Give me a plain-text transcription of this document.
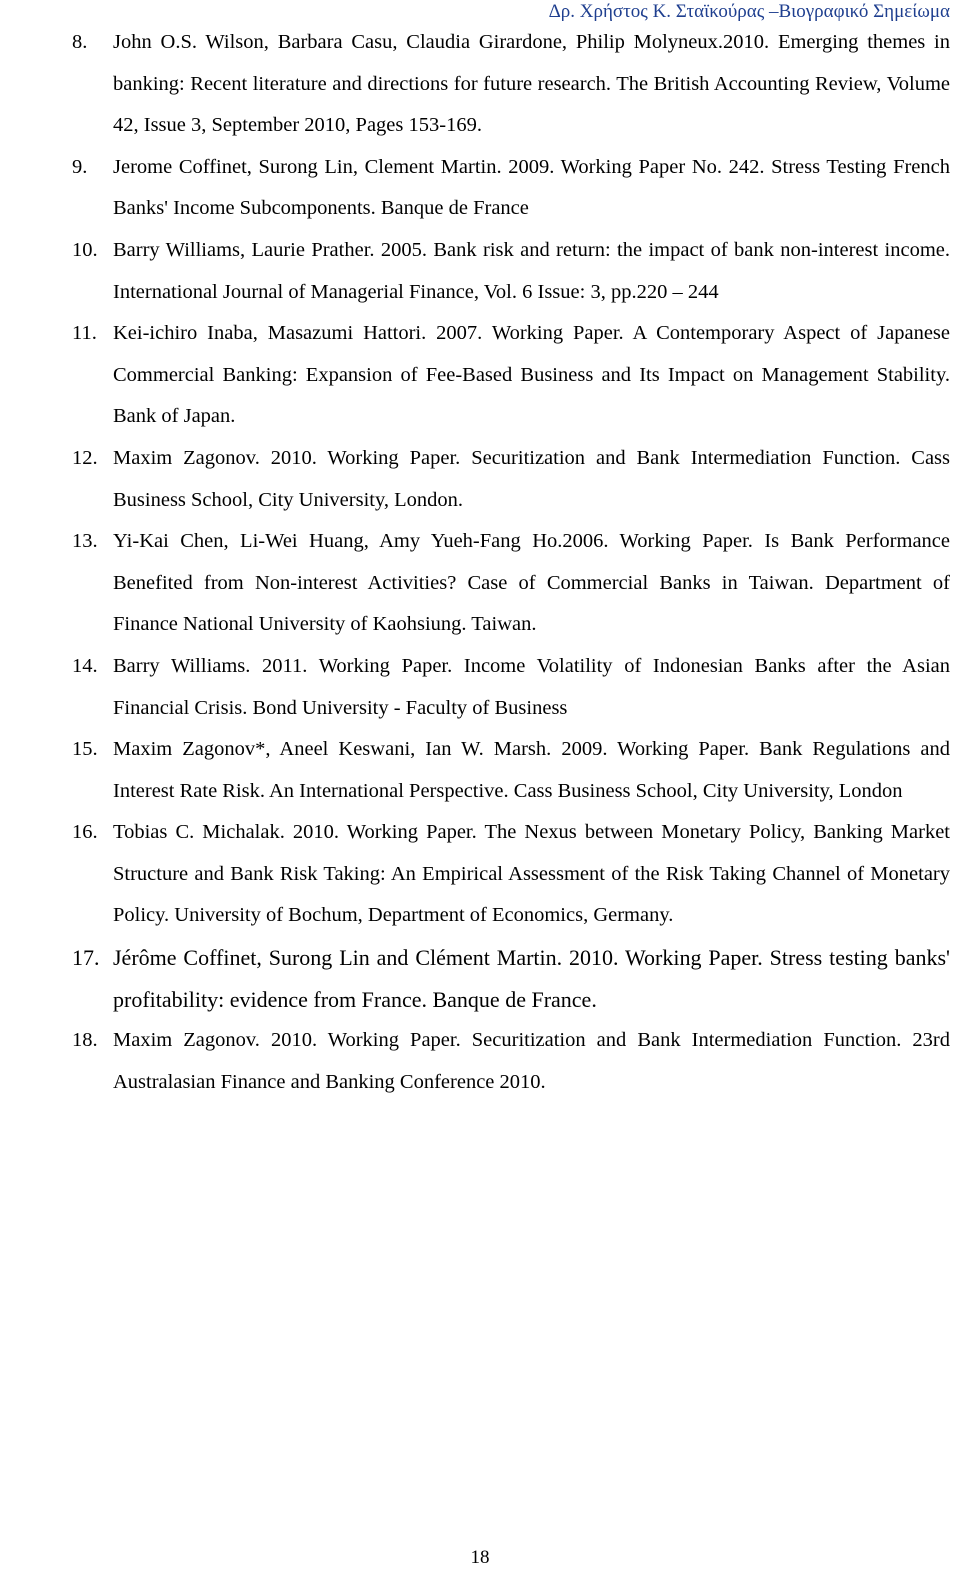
Δρ. Χρήστος Κ. Σταϊκούρας –Βιογραφικό Σημείωμα
8.	John O.S. Wilson, Barbara Casu, Claudia Girardone, Philip Molyneux.2010. Emerging themes in banking: Recent literature and directions for future research. The British Accounting Review, Volume 42, Issue 3, September 2010, Pages 153-169.
9.	Jerome Coffinet, Surong Lin, Clement Martin. 2009. Working Paper No. 242. Stress Testing French Banks' Income Subcomponents. Banque de France
10. Barry Williams, Laurie Prather. 2005. Bank risk and return: the impact of bank non-interest income. International Journal of Managerial Finance, Vol. 6 Issue: 3, pp.220 – 244
11. Kei-ichiro Inaba, Masazumi Hattori. 2007. Working Paper. A Contemporary Aspect of Japanese Commercial Banking: Expansion of Fee-Based Business and Its Impact on Management Stability. Bank of Japan.
12. Maxim Zagonov. 2010. Working Paper. Securitization and Bank Intermediation Function. Cass Business School, City University, London.
13. Yi-Kai Chen, Li-Wei Huang, Amy Yueh-Fang Ho.2006. Working Paper. Is Bank Performance Benefited from Non-interest Activities? Case of Commercial Banks in Taiwan. Department of Finance National University of Kaohsiung. Taiwan.
14. Barry Williams. 2011. Working Paper. Income Volatility of Indonesian Banks after the Asian Financial Crisis. Bond University - Faculty of Business
15. Maxim Zagonov*, Aneel Keswani, Ian W. Marsh. 2009. Working Paper. Bank Regulations and Interest Rate Risk. An International Perspective. Cass Business School, City University, London
16. Tobias C. Michalak. 2010. Working Paper. The Nexus between Monetary Policy, Banking Market Structure and Bank Risk Taking: An Empirical Assessment of the Risk Taking Channel of Monetary Policy. University of Bochum, Department of Economics, Germany.
17. Jérôme Coffinet, Surong Lin and Clément Martin. 2010. Working Paper. Stress testing banks' profitability: evidence from France. Banque de France.
18. Maxim Zagonov. 2010. Working Paper. Securitization and Bank Intermediation Function. 23rd Australasian Finance and Banking Conference 2010.
18
